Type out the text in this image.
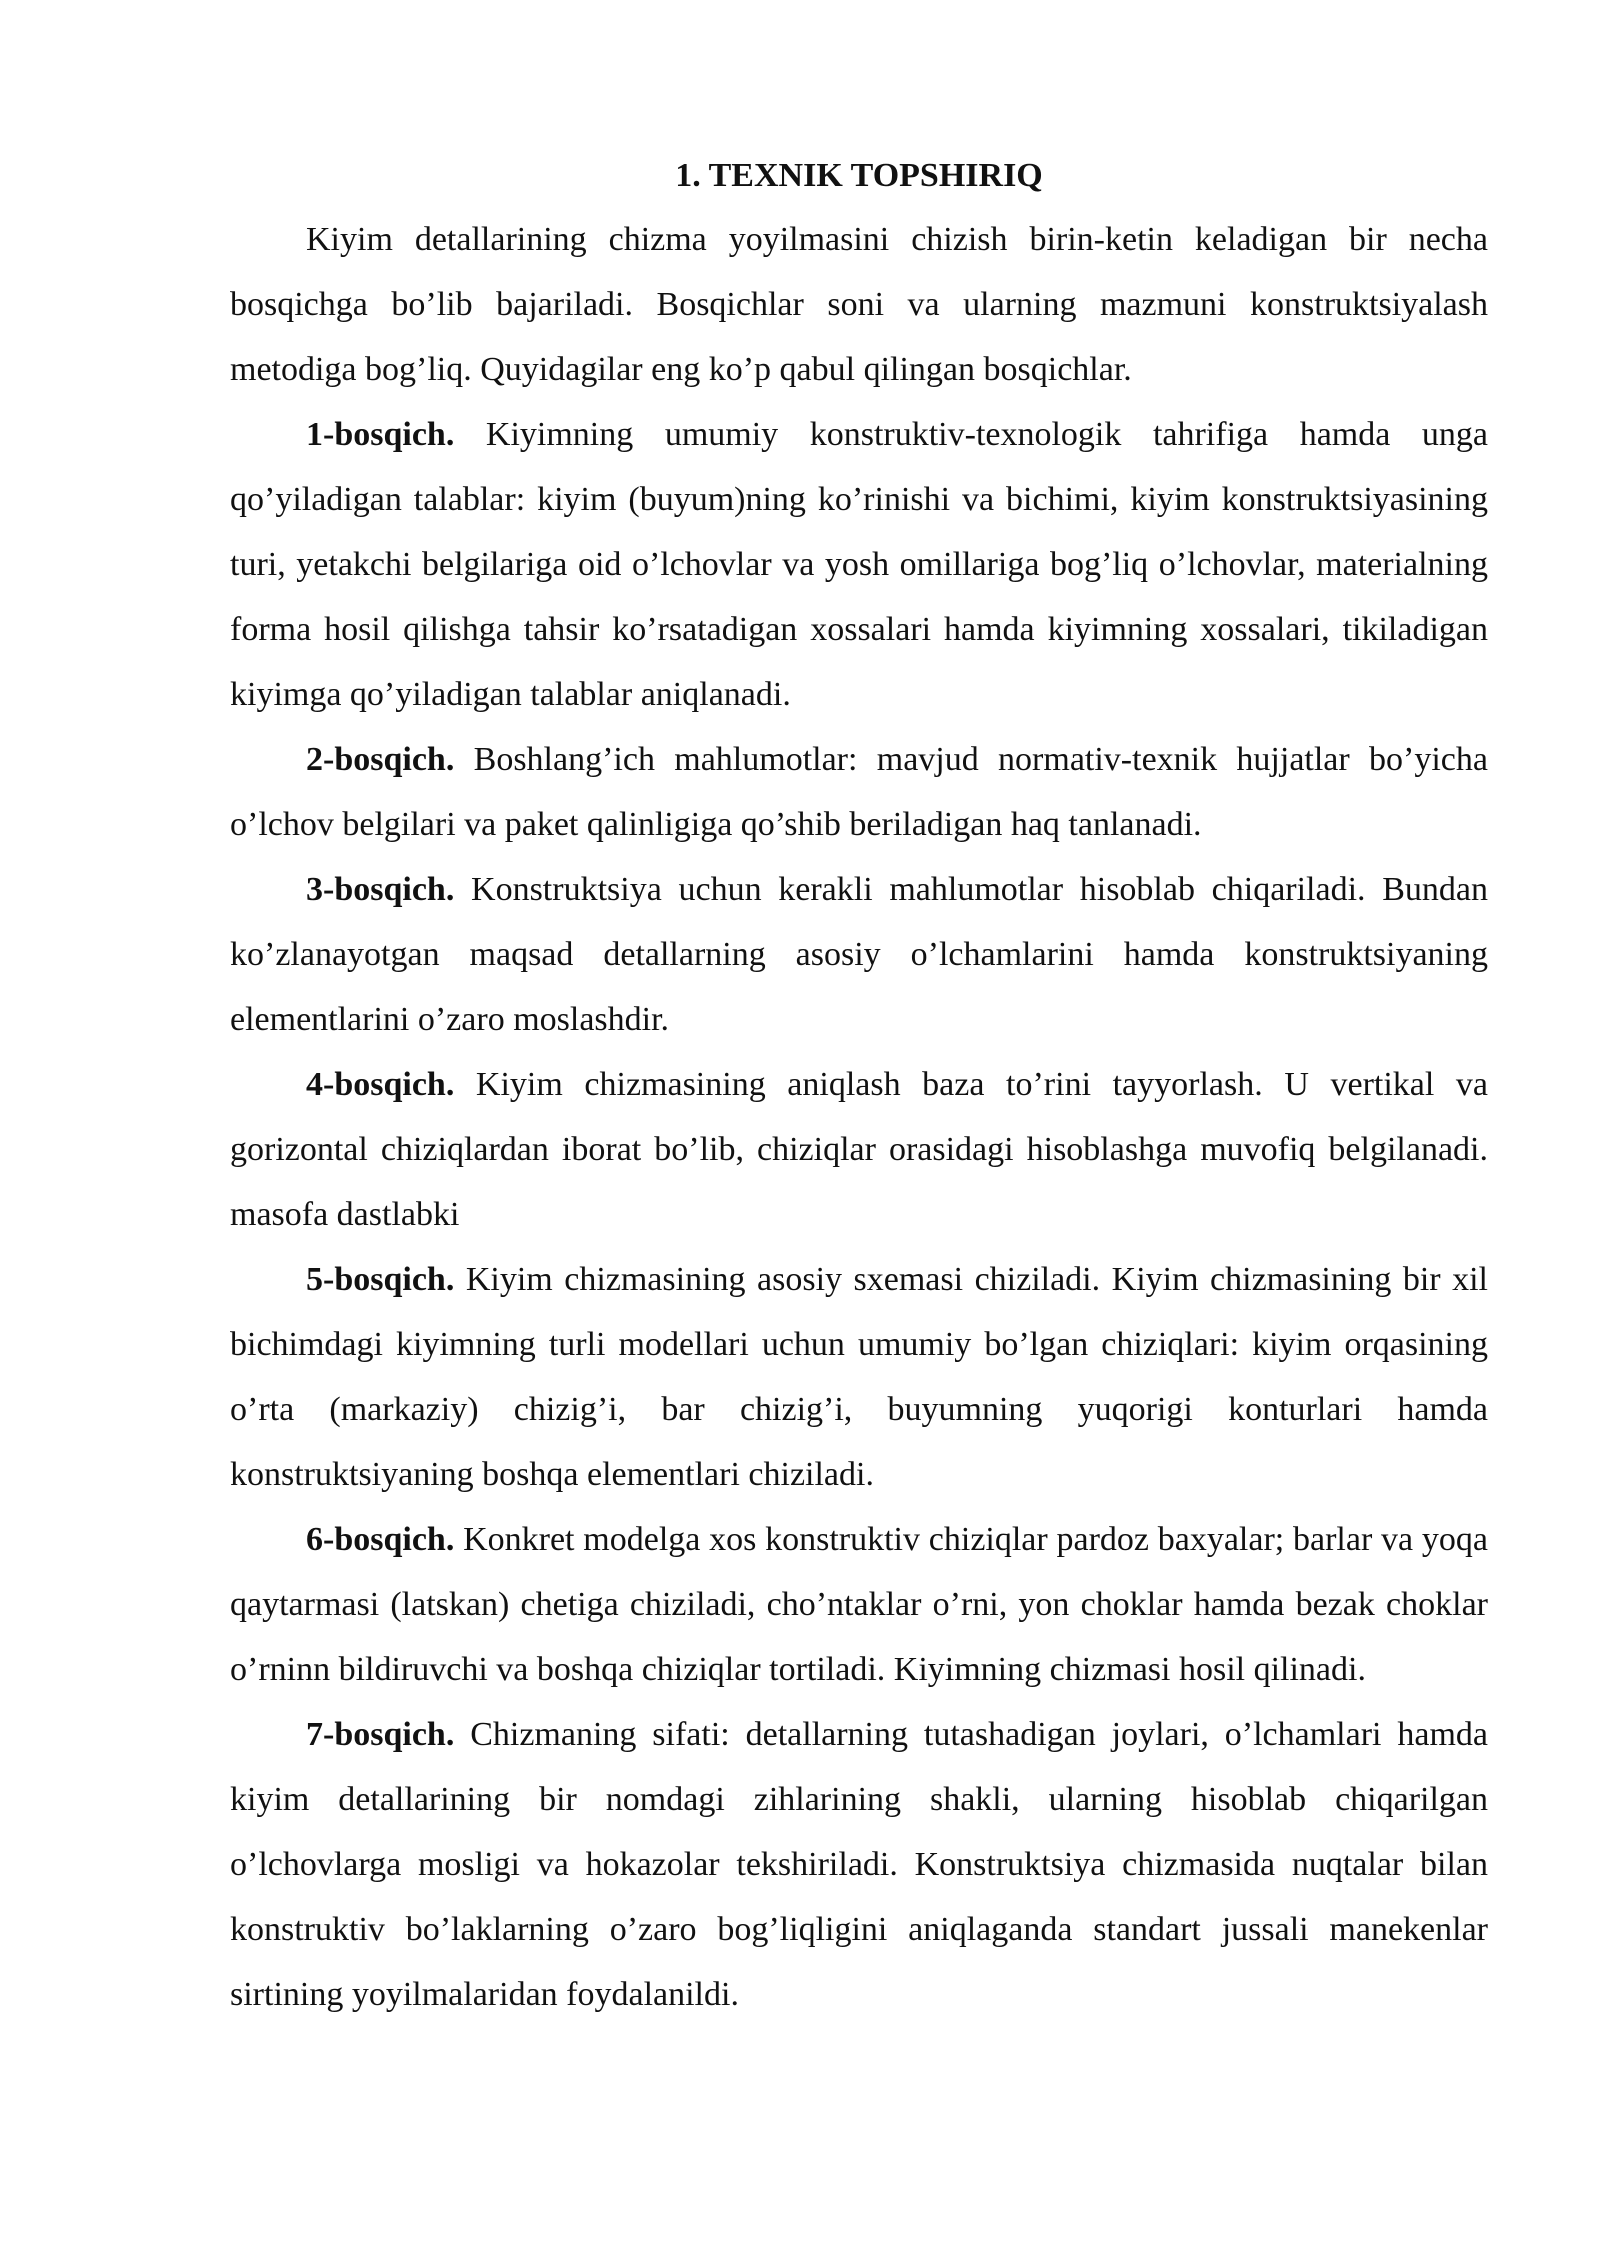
1. TEXNIK TOPSHIRIQ

Kiyim detallarining chizma yoyilmasini chizish birin-ketin keladigan bir necha bosqichga bo’lib bajariladi. Bosqichlar soni va ularning mazmuni konstruktsiyalash metodiga bog’liq. Quyidagilar eng ko’p qabul qilingan bosqichlar.

1-bosqich. Kiyimning umumiy konstruktiv-texnologik tahrifiga hamda unga qo’yiladigan talablar: kiyim (buyum)ning ko’rinishi va bichimi, kiyim konstruktsiyasining turi, yetakchi belgilariga oid o’lchovlar va yosh omillariga bog’liq o’lchovlar, materialning forma hosil qilishga tahsir ko’rsatadigan xossalari hamda kiyimning xossalari, tikiladigan kiyimga qo’yiladigan talablar aniqlanadi.

2-bosqich. Boshlang’ich mahlumotlar: mavjud normativ-texnik hujjatlar bo’yicha o’lchov belgilari va paket qalinligiga qo’shib beriladigan haq tanlanadi.

3-bosqich. Konstruktsiya uchun kerakli mahlumotlar hisoblab chiqariladi. Bundan ko’zlanayotgan maqsad detallarning asosiy o’lchamlarini hamda konstruktsiyaning elementlarini o’zaro moslashdir.

4-bosqich. Kiyim chizmasining aniqlash baza to’rini tayyorlash. U vertikal va gorizontal chiziqlardan iborat bo’lib, chiziqlar orasidagi hisoblashga muvofiq belgilanadi. masofa dastlabki

5-bosqich. Kiyim chizmasining asosiy sxemasi chiziladi. Kiyim chizmasining bir xil bichimdagi kiyimning turli modellari uchun umumiy bo’lgan chiziqlari: kiyim orqasining o’rta (markaziy) chizig’i, bar chizig’i, buyumning yuqorigi konturlari hamda konstruktsiyaning boshqa elementlari chiziladi.

6-bosqich. Konkret modelga xos konstruktiv chiziqlar pardoz baxyalar; barlar va yoqa qaytarmasi (latskan) chetiga chiziladi, cho’ntaklar o’rni, yon choklar hamda bezak choklar o’rninn bildiruvchi va boshqa chiziqlar tortiladi. Kiyimning chizmasi hosil qilinadi.

7-bosqich. Chizmaning sifati: detallarning tutashadigan joylari, o’lchamlari hamda kiyim detallarining bir nomdagi zihlarining shakli, ularning hisoblab chiqarilgan o’lchovlarga mosligi va hokazolar tekshiriladi. Konstruktsiya chizmasida nuqtalar bilan konstruktiv bo’laklarning o’zaro bog’liqligini aniqlaganda standart jussali manekenlar sirtining yoyilmalaridan foydalanildi.
